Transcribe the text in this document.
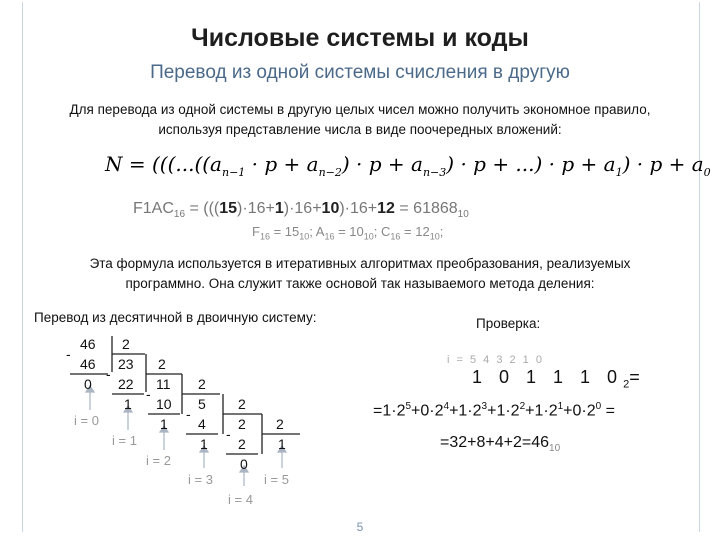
Числовые системы и коды
Перевод из одной системы счисления в другую
Для перевода из одной системы в другую целых чисел можно получить экономное правило, используя представление числа в виде поочередных вложений:
$N = (((...((a_{n-1} \cdot p + a_{n-2}) \cdot p + a_{n-3}) \cdot p$ + ...) · $p + a_1) \cdot p + a_0$
$F1AC_{16} = (((15)\cdot 16+1)\cdot 16+10)\cdot 16+12 = 61868_{10}$
$F_{16} = 15_{10}$; $A_{16} = 10_{10}$; $C_{16} = 12_{10}$;
Эта формула используется в итеративных алгоритмах преобразования, реализуемых программно. Она служит также основой так называемого метода деления:
Перевод из десятичной в двоичную систему:	Проверка:
46 2
-
46 23 2
0
-
22 11 2
1
-
10 5 2
1
-
4 2 2
1
-
2 1
0
i = 0
i = 1
i = 2
i = 3
i = 4
i = 5
i = 5 4 3 2 1 0
1 0 1 1 1 $0_2=$
$=1\cdot 2^5+0\cdot 2^4+1\cdot 2^3+1\cdot 2^2+1\cdot 2^1+0\cdot 2^0$ =
$=32+8+4+2=46_{10}$
5
